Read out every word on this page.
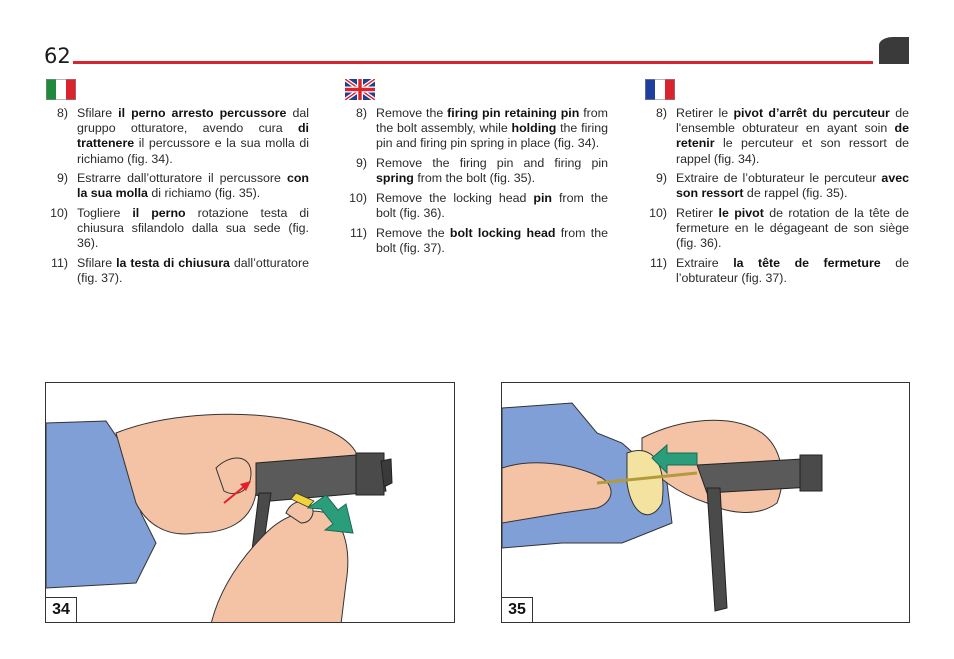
62
8) Sfilare il perno arresto percussore dal gruppo otturatore, avendo cura di trattenere il percussore e la sua molla di richiamo (fig. 34).
9) Estrarre dall’otturatore il percussore con la sua molla di richiamo (fig. 35).
10) Togliere il perno rotazione testa di chiusura sfilandolo dalla sua sede (fig. 36).
11) Sfilare la testa di chiusura dall’otturatore (fig. 37).
8) Remove the firing pin retaining pin from the bolt assembly, while holding the firing pin and firing pin spring in place (fig. 34).
9) Remove the firing pin and firing pin spring from the bolt (fig. 35).
10) Remove the locking head pin from the bolt (fig. 36).
11) Remove the bolt locking head from the bolt (fig. 37).
8) Retirer le pivot d’arrêt du percuteur de l'ensemble obturateur en ayant soin de retenir le percuteur et son ressort de rappel (fig. 34).
9) Extraire de l’obturateur le percuteur avec son ressort de rappel (fig. 35).
10) Retirer le pivot de rotation de la tête de fermeture en le dégageant de son siège (fig. 36).
11) Extraire la tête de fermeture de l’obturateur (fig. 37).
34	35
